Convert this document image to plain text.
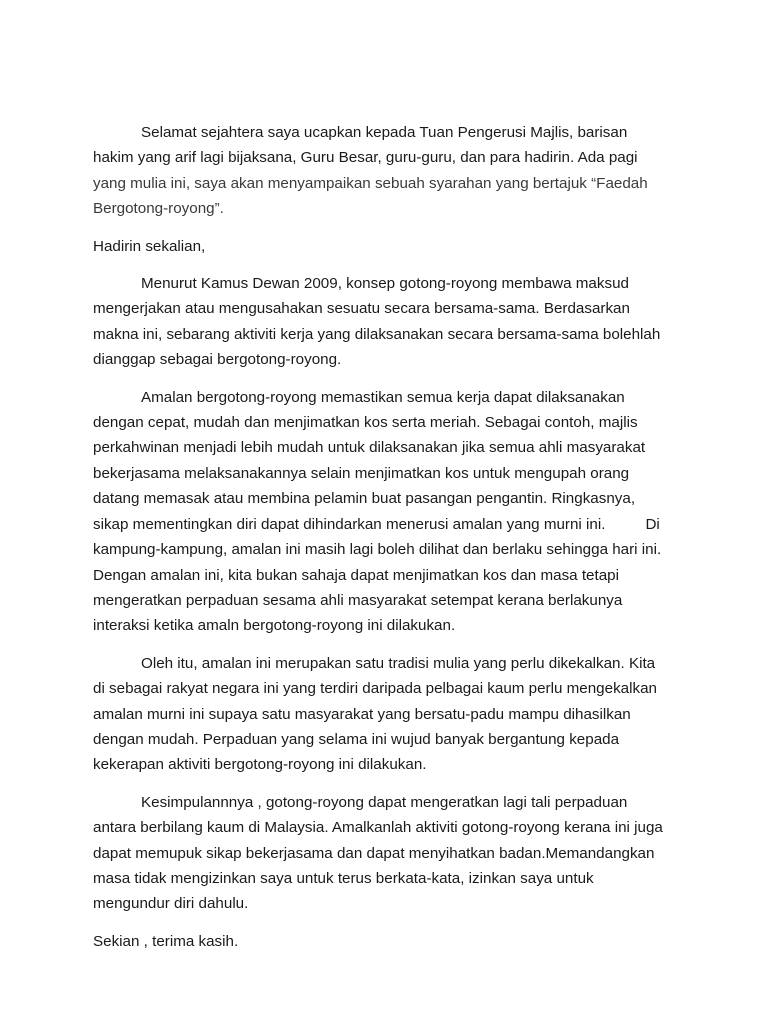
Selamat sejahtera saya ucapkan kepada Tuan Pengerusi Majlis, barisan
hakim yang arif lagi bijaksana, Guru Besar, guru-guru, dan para hadirin. Ada pagi
yang mulia ini, saya akan menyampaikan sebuah syarahan yang bertajuk “Faedah
Bergotong-royong”.

Hadirin sekalian,

Menurut Kamus Dewan 2009, konsep gotong-royong membawa maksud
mengerjakan atau mengusahakan sesuatu secara bersama-sama. Berdasarkan
makna ini, sebarang aktiviti kerja yang dilaksanakan secara bersama-sama bolehlah
dianggap sebagai bergotong-royong.

Amalan bergotong-royong memastikan semua kerja dapat dilaksanakan
dengan cepat, mudah dan menjimatkan kos serta meriah. Sebagai contoh, majlis
perkahwinan menjadi lebih mudah untuk dilaksanakan jika semua ahli masyarakat
bekerjasama melaksanakannya selain menjimatkan kos untuk mengupah orang
datang memasak atau membina pelamin buat pasangan pengantin. Ringkasnya,
sikap mementingkan diri dapat dihindarkan menerusi amalan yang murni ini.	Di
kampung-kampung, amalan ini masih lagi boleh dilihat dan berlaku sehingga hari ini.
Dengan amalan ini, kita bukan sahaja dapat menjimatkan kos dan masa tetapi
mengeratkan perpaduan sesama ahli masyarakat setempat kerana berlakunya
interaksi ketika amaln bergotong-royong ini dilakukan.

Oleh itu, amalan ini merupakan satu tradisi mulia yang perlu dikekalkan. Kita
di sebagai rakyat negara ini yang terdiri daripada pelbagai kaum perlu mengekalkan
amalan murni ini supaya satu masyarakat yang bersatu-padu mampu dihasilkan
dengan mudah. Perpaduan yang selama ini wujud banyak bergantung kepada
kekerapan aktiviti bergotong-royong ini dilakukan.

Kesimpulannnya , gotong-royong dapat mengeratkan lagi tali perpaduan
antara berbilang kaum di Malaysia. Amalkanlah aktiviti gotong-royong kerana ini juga
dapat memupuk sikap bekerjasama dan dapat menyihatkan badan.Memandangkan
masa tidak mengizinkan saya untuk terus berkata-kata, izinkan saya untuk
mengundur diri dahulu.

Sekian , terima kasih.
